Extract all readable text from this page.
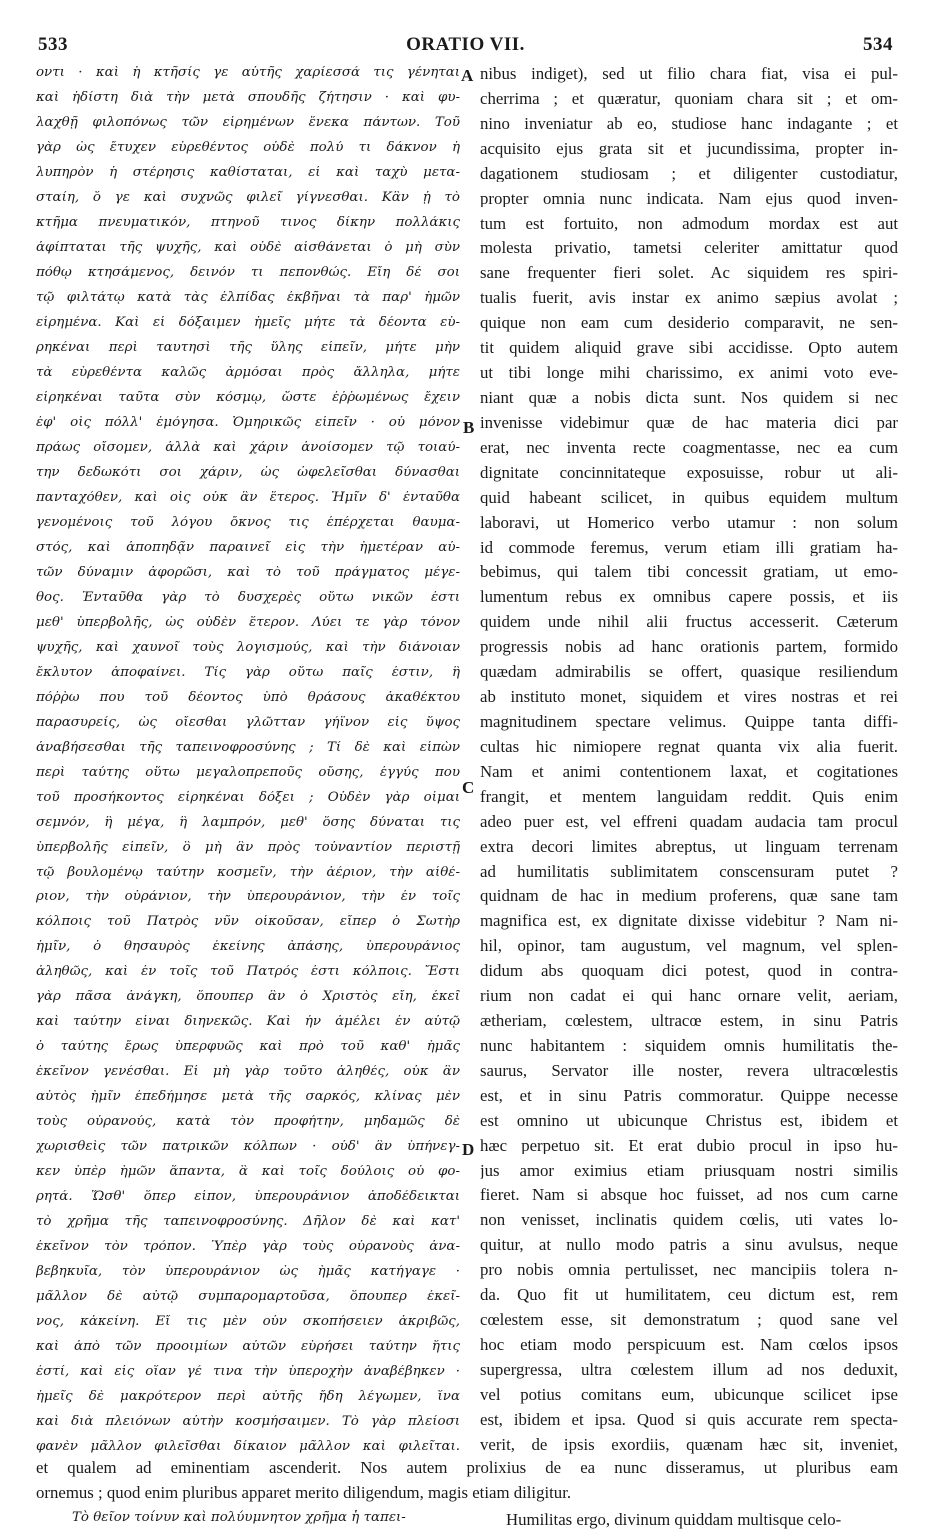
533	ORATIO VII.	534
οντι · καὶ ἡ κτῆσίς γε αὐτῆς χαρίεσσά τις γένηται
καὶ ἡδίστη διὰ τὴν μετὰ σπουδῆς ζήτησιν · καὶ φυ-
λαχθῇ φιλοπόνως τῶν εἰρημένων ἕνεκα πάντων. Τοῦ
γὰρ ὡς ἔτυχεν εὑρεθέντος οὐδὲ πολύ τι δάκνον ἡ
λυπηρὸν ἡ στέρησις καθίσταται, εἰ καὶ ταχὺ μετα-
σταίη, ὅ γε καὶ συχνῶς φιλεῖ γίγνεσθαι. Κἂν ᾖ τὸ
κτῆμα πνευματικόν, πτηνοῦ τινος δίκην πολλάκις
ἀφίπταται τῆς ψυχῆς, καὶ οὐδὲ αἰσθάνεται ὁ μὴ σὺν
πόθῳ κτησάμενος, δεινόν τι πεπονθώς. Εἴη δέ σοι
τῷ φιλτάτῳ κατὰ τὰς ἐλπίδας ἐκβῆναι τὰ παρ' ἡμῶν
εἰρημένα. Καὶ εἰ δόξαιμεν ἡμεῖς μήτε τὰ δέοντα εὑ-
ρηκέναι περὶ ταυτησὶ τῆς ὕλης εἰπεῖν, μήτε μὴν
τὰ εὑρεθέντα καλῶς ἁρμόσαι πρὸς ἄλληλα, μήτε
εἰρηκέναι ταῦτα σὺν κόσμῳ, ὥστε ἐῤῥωμένως ἔχειν
ἐφ' οἷς πόλλ' ἐμόγησα. Ὁμηρικῶς εἰπεῖν · οὐ μόνον
πράως οἴσομεν, ἀλλὰ καὶ χάριν ἀνοίσομεν τῷ τοιαύ-
την δεδωκότι σοι χάριν, ὡς ὠφελεῖσθαι δύνασθαι
πανταχόθεν, καὶ οἷς οὐκ ἂν ἕτερος. Ἡμῖν δ' ἐνταῦθα
γενομένοις τοῦ λόγου ὄκνος τις ἐπέρχεται θαυμα-
στός, καὶ ἀποπηδᾷν παραινεῖ εἰς τὴν ἡμετέραν αὐ-
τῶν δύναμιν ἀφορῶσι, καὶ τὸ τοῦ πράγματος μέγε-
θος. Ἐνταῦθα γὰρ τὸ δυσχερὲς οὕτω νικῶν ἐστι
μεθ' ὑπερβολῆς, ὡς οὐδὲν ἕτερον. Λύει τε γὰρ τόνον
ψυχῆς, καὶ χαυνοῖ τοὺς λογισμούς, καὶ τὴν διάνοιαν
ἔκλυτον ἀποφαίνει. Τίς γὰρ οὕτω παῖς ἐστιν, ἢ
πόῤῥω που τοῦ δέοντος ὑπὸ θράσους ἀκαθέκτου
παρασυρείς, ὡς οἴεσθαι γλῶτταν γήϊνον εἰς ὕψος
ἀναβήσεσθαι τῆς ταπεινοφροσύνης ; Τί δὲ καὶ εἰπὼν
περὶ ταύτης οὕτω μεγαλοπρεποῦς οὔσης, ἐγγύς που
τοῦ προσήκοντος εἰρηκέναι δόξει ; Οὐδὲν γὰρ οἶμαι
σεμνόν, ἢ μέγα, ἢ λαμπρόν, μεθ' ὅσης δύναται τις
ὑπερβολῆς εἰπεῖν, ὃ μὴ ἂν πρὸς τοὐναντίον περιστῇ
τῷ βουλομένῳ ταύτην κοσμεῖν, τὴν ἀέριον, τὴν αἰθέ-
ριον, τὴν οὐράνιον, τὴν ὑπερουράνιον, τὴν ἐν τοῖς
κόλποις τοῦ Πατρὸς νῦν οἰκοῦσαν, εἴπερ ὁ Σωτὴρ
ἡμῖν, ὁ θησαυρὸς ἐκείνης ἁπάσης, ὑπερουράνιος
ἀληθῶς, καὶ ἐν τοῖς τοῦ Πατρός ἐστι κόλποις. Ἔστι
γὰρ πᾶσα ἀνάγκη, ὅπουπερ ἂν ὁ Χριστὸς εἴη, ἐκεῖ
καὶ ταύτην εἶναι διηνεκῶς. Καὶ ἦν ἀμέλει ἐν αὐτῷ
ὁ ταύτης ἔρως ὑπερφυῶς καὶ πρὸ τοῦ καθ' ἡμᾶς
ἐκεῖνον γενέσθαι. Εἰ μὴ γὰρ τοῦτο ἀληθές, οὐκ ἂν
αὐτὸς ἡμῖν ἐπεδήμησε μετὰ τῆς σαρκός, κλίνας μὲν
τοὺς οὐρανούς, κατὰ τὸν προφήτην, μηδαμῶς δὲ
χωρισθεὶς τῶν πατρικῶν κόλπων · οὐδ' ἂν ὑπήνεγ-
κεν ὑπὲρ ἡμῶν ἅπαντα, ἃ καὶ τοῖς δούλοις οὐ φο-
ρητά. Ὥσθ' ὅπερ εἶπον, ὑπερουράνιον ἀποδέδεικται
τὸ χρῆμα τῆς ταπεινοφροσύνης. Δῆλον δὲ καὶ κατ'
ἐκεῖνον τὸν τρόπον. Ὑπὲρ γὰρ τοὺς οὐρανοὺς ἀνα-
βεβηκυῖα, τὸν ὑπερουράνιον ὡς ἡμᾶς κατήγαγε ·
μᾶλλον δὲ αὐτῷ συμπαρομαρτοῦσα, ὅπουπερ ἐκεῖ-
νος, κἀκείνη. Εἴ τις μὲν οὖν σκοπήσειεν ἀκριβῶς,
καὶ ἀπὸ τῶν προοιμίων αὐτῶν εὑρήσει ταύτην ἥτις
ἐστί, καὶ εἰς οἵαν γέ τινα τὴν ὑπεροχὴν ἀναβέβηκεν ·
ἡμεῖς δὲ μακρότερον περὶ αὐτῆς ἤδη λέγωμεν, ἵνα
καὶ διὰ πλειόνων αὐτὴν κοσμήσαιμεν. Τὸ γὰρ πλείοσι
φανὲν μᾶλλον φιλεῖσθαι δίκαιον μᾶλλον καὶ φιλεῖται.
nibus indiget), sed ut filio chara fiat, visa ei pul-
cherrima ; et quæratur, quoniam chara sit ; et om-
nino inveniatur ab eo, studiose hanc indagante ; et
acquisito ejus grata sit et jucundissima, propter in-
dagationem studiosam ; et diligenter custodiatur,
propter omnia nunc indicata. Nam ejus quod inven-
tum est fortuito, non admodum mordax est aut
molesta privatio, tametsi celeriter amittatur quod
sane frequenter fieri solet. Ac siquidem res spiri-
tualis fuerit, avis instar ex animo sæpius avolat ;
quique non eam cum desiderio comparavit, ne sen-
tit quidem aliquid grave sibi accidisse. Opto autem
ut tibi longe mihi charissimo, ex animi voto eve-
niant quæ a nobis dicta sunt. Nos quidem si nec
invenisse videbimur quæ de hac materia dici par
erat, nec inventa recte coagmentasse, nec ea cum
dignitate concinnitateque exposuisse, robur ut ali-
quid habeant scilicet, in quibus equidem multum
laboravi, ut Homerico verbo utamur : non solum
id commode feremus, verum etiam illi gratiam ha-
bebimus, qui talem tibi concessit gratiam, ut emo-
lumentum rebus ex omnibus capere possis, et iis
quidem unde nihil alii fructus accesserit. Cæterum
progressis nobis ad hanc orationis partem, formido
quædam admirabilis se offert, quasique resiliendum
ab instituto monet, siquidem et vires nostras et rei
magnitudinem spectare velimus. Quippe tanta diffi-
cultas hic nimiopere regnat quanta vix alia fuerit.
Nam et animi contentionem laxat, et cogitationes
frangit, et mentem languidam reddit. Quis enim
adeo puer est, vel effreni quadam audacia tam procul
extra decori limites abreptus, ut linguam terrenam
ad humilitatis sublimitatem conscensuram putet ?
quidnam de hac in medium proferens, quæ sane tam
magnifica est, ex dignitate dixisse videbitur ? Nam ni-
hil, opinor, tam augustum, vel magnum, vel splen-
didum abs quoquam dici potest, quod in contra-
rium non cadat ei qui hanc ornare velit, aeriam,
ætheriam, cœlestem, ultracœ estem, in sinu Patris
nunc habitantem : siquidem omnis humilitatis the-
saurus, Servator ille noster, revera ultracœlestis
est, et in sinu Patris commoratur. Quippe necesse
est omnino ut ubicunque Christus est, ibidem et
hæc perpetuo sit. Et erat dubio procul in ipso hu-
jus amor eximius etiam priusquam nostri similis
fieret. Nam si absque hoc fuisset, ad nos cum carne
non venisset, inclinatis quidem cœlis, uti vates lo-
quitur, at nullo modo patris a sinu avulsus, neque
pro nobis omnia pertulisset, nec mancipiis tolera n-
da. Quo fit ut humilitatem, ceu dictum est, rem
cœlestem esse, sit demonstratum ; quod sane vel
hoc etiam modo perspicuum est. Nam cœlos ipsos
supergressa, ultra cœlestem illum ad nos deduxit,
vel potius comitans eum, ubicunque scilicet ipse
est, ibidem et ipsa. Quod si quis accurate rem specta-
verit, de ipsis exordiis, quænam hæc sit, inveniet,
A
B
C
D
et qualem ad eminentiam ascenderit. Nos autem prolixius de ea nunc disseramus, ut pluribus eam
ornemus ; quod enim pluribus apparet merito diligendum, magis etiam diligitur.
Τὸ θεῖον τοίνυν καὶ πολύυμνητον χρῆμα ἡ ταπει-	Humilitas ergo, divinum quiddam multisque celo-
